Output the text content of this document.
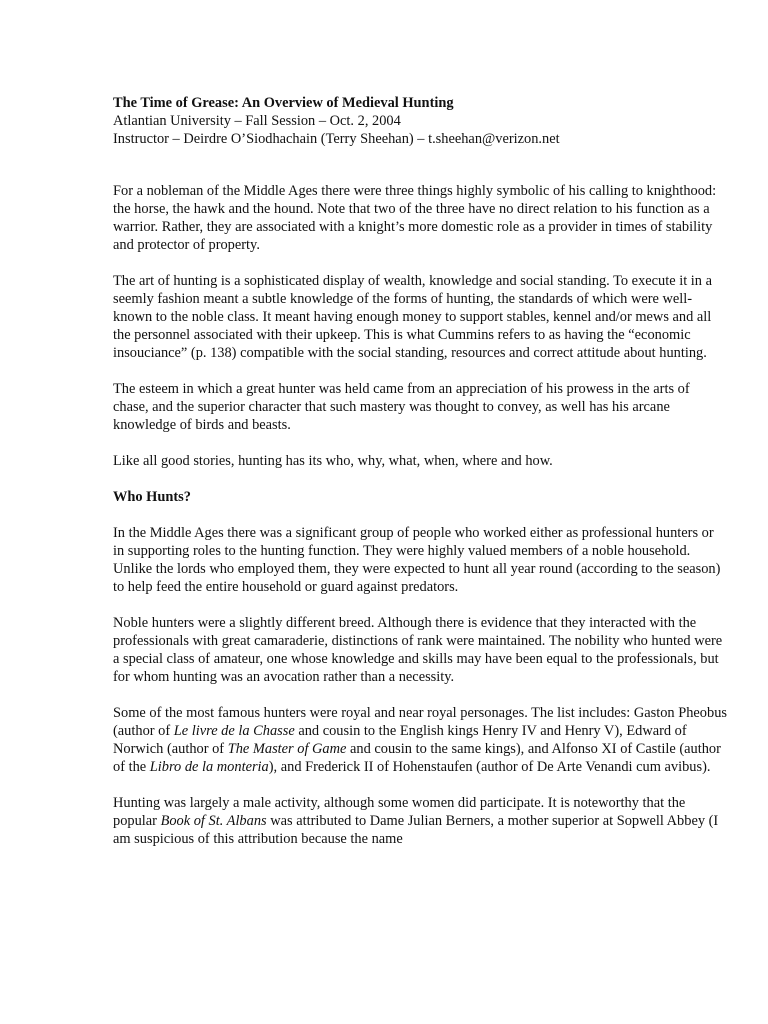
The Time of Grease: An Overview of Medieval Hunting

Atlantian University – Fall Session – Oct. 2, 2004

Instructor – Deirdre O’Siodhachain (Terry Sheehan) – t.sheehan@verizon.net

For a nobleman of the Middle Ages there were three things highly symbolic of his calling to knighthood: the horse, the hawk and the hound. Note that two of the three have no direct relation to his function as a warrior. Rather, they are associated with a knight’s more domestic role as a provider in times of stability and protector of property.

The art of hunting is a sophisticated display of wealth, knowledge and social standing. To execute it in a seemly fashion meant a subtle knowledge of the forms of hunting, the standards of which were well-known to the noble class. It meant having enough money to support stables, kennel and/or mews and all the personnel associated with their upkeep. This is what Cummins refers to as having the “economic insouciance” (p. 138) compatible with the social standing, resources and correct attitude about hunting.

The esteem in which a great hunter was held came from an appreciation of his prowess in the arts of chase, and the superior character that such mastery was thought to convey, as well has his arcane knowledge of birds and beasts.

Like all good stories, hunting has its who, why, what, when, where and how.

Who Hunts?

In the Middle Ages there was a significant group of people who worked either as professional hunters or in supporting roles to the hunting function. They were highly valued members of a noble household. Unlike the lords who employed them, they were expected to hunt all year round (according to the season) to help feed the entire household or guard against predators.

Noble hunters were a slightly different breed. Although there is evidence that they interacted with the professionals with great camaraderie, distinctions of rank were maintained. The nobility who hunted were a special class of amateur, one whose knowledge and skills may have been equal to the professionals, but for whom hunting was an avocation rather than a necessity.

Some of the most famous hunters were royal and near royal personages. The list includes: Gaston Pheobus (author of Le livre de la Chasse and cousin to the English kings Henry IV and Henry V), Edward of Norwich (author of The Master of Game and cousin to the same kings), and Alfonso XI of Castile (author of the Libro de la monteria), and Frederick II of Hohenstaufen (author of De Arte Venandi cum avibus).

Hunting was largely a male activity, although some women did participate. It is noteworthy that the popular Book of St. Albans was attributed to Dame Julian Berners, a mother superior at Sopwell Abbey (I am suspicious of this attribution because the name
